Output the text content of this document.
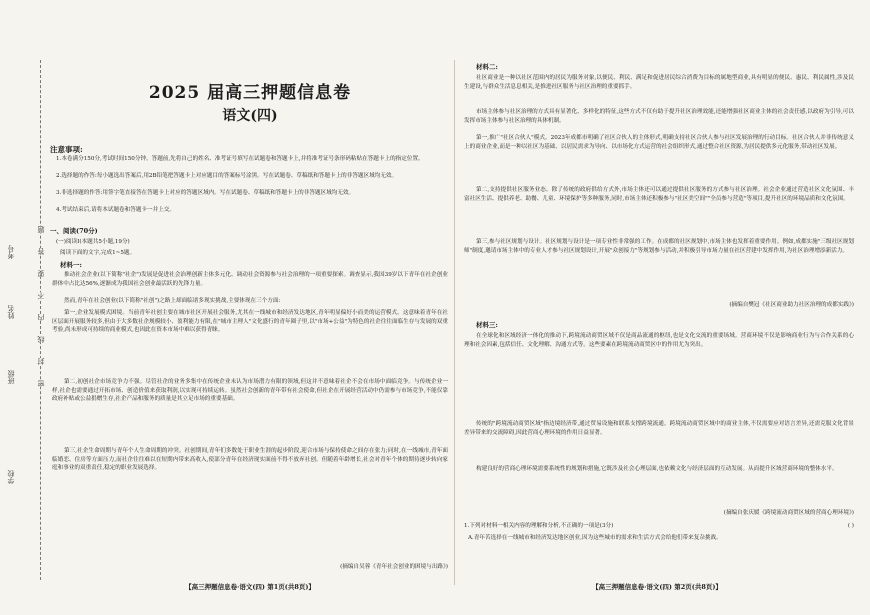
考号
姓名
班级
学校
密
封
线
内
不
要
答
题
2025 届高三押题信息卷
语文(四)
注意事项:
1.本卷满分150分,考试时间150分钟。答题前,先将自己的姓名、准考证号填写在试题卷和答题卡上,并将准考证号条形码粘贴在答题卡上的指定位置。
2.选择题的作答:每小题选出答案后,用2B铅笔把答题卡上对应题目的答案标号涂黑。写在试题卷、草稿纸和答题卡上的非答题区域均无效。
3.非选择题的作答:用签字笔直接答在答题卡上对应的答题区域内。写在试题卷、草稿纸和答题卡上的非答题区域均无效。
4.考试结束后,请将本试题卷和答题卡一并上交。
一、阅读(70分)
(一)阅读Ⅰ(本题共5小题,19分)
阅读下面的文字,完成1~5题。
材料一:
推动社会企业(以下简称"社企")发展是促进社会治理创新主体多元化、调动社会资源参与社会治理的一项重要探索。调查显示,我国39岁以下青年在社企创业群体中占比达56%,逐渐成为我国社会创业最活跃的先锋力量。
然而,青年在社会创业(以下简称"社创")之路上却面临诸多现实挑战,主要体现在三个方面:
第一,企业发展模式困境。当前青年社创主要在城市社区开展社会服务,尤其在一线城市和经济发达地区,青年明显偏好小而美的运营模式。这意味着青年在社区层面开展服务较多,但由于大多数社企规模较小、盈利能力有限,在"城市主理人"文化盛行的青年圈子里,以"市场+公益"为特色的社企往往面临生存与发展的双重考验,尚未形成可持续的商业模式,也因此在资本市场中难以获得青睐。
第二,初创社企市场竞争力不强。尽管社企的业务多集中在传统企业未认为市场潜力有限的领域,但这并不意味着社企不会在市场中面临竞争。与传统企业一样,社企也需要通过开拓市场、创造价值来获取利润,以实现可持续运转。虽然社会创新的青年带有社会使命,但社企在开展经营活动中仍需参与市场竞争,不能仅靠政府补贴或公益捐赠生存,社企产品和服务的质量是其立足市场的重要基础。
第三,社企生命周期与青年个人生命周期的冲突。社创期间,青年们多数处于职业生涯的起步阶段,迎合市场与保持使命之间存在张力;同时,在一线城市,青年面临婚恋、住房等方面压力,而社企往往难以在短期内带来高收入,使部分青年在经济现实面前不得不放弃社创。但随着年龄增长,社会对青年个体的期待逐步转向家庭和事业的双重责任,稳定的职业发展选择。
(摘编自吴蓉《青年社会创业的困境与出路》)
【高三押题信息卷·语文(四) 第1页(共8页)】
材料二:
社区商业是一种以社区范围内的居民为服务对象,以便民、利民、满足和促进居民综合消费为目标的属地型商业,具有明显的便民、惠民、利民属性,涉及民生建设,与群众生活息息相关,是推进社区服务与社区治理的重要抓手。
市场主体参与社区治理的方式具有显著化、多样化的特征,这些方式不仅有助于提升社区治理效能,还能增强社区商业主体的社会责任感,以政府为引导,可以发挥市场主体参与社区治理的具体机制。
第一,推广"社区合伙人"模式。2023年成都市明确了社区合伙人的主体形式,明确支持社区合伙人参与社区发展治理的行动目标。社区合伙人并非传统意义上的商业企业,而是一种以社区为基础、以居民需求为导向、以市场化方式运营的社会组织形式,通过整合社区资源,为居民提供多元化服务,带动社区发展。
第二,支持提供社区服务业态。除了传统的政府供给方式外,市场主体还可以通过提供社区服务的方式参与社区治理。社会企业通过营造社区文化氛围、丰富社区生活、提供养老、助餐、儿童、环境保护等多种服务,同时,市场主体还积极参与"社区美空间""全员参与营造"等项目,提升社区的环境品质和文化氛围。
第三,参与社区规划与设计。社区规划与设计是一项专业性非常强的工作。在成都的社区规划中,市场主体也发挥着重要作用。例如,成都实施"三级社区规划师"制度,邀请市场主体中的专业人才参与社区规划设计,开展"众创接力"等规划参与活动,并积极引导市场力量在社区营建中发挥作用,为社区治理增添新活力。
(摘编自樊冠《社区商业助力社区治理的成都实践》)
材料三:
在全球化和区域经济一体化的推动下,跨境流动商贸区域不仅是商品流通的枢纽,也是文化交流的重要场域。营商环境不仅是影响商业行为与合作关系的心理和社会因素,包括信任、文化理解、沟通方式等。这些要素在跨境流动商贸区中的作用尤为突出。
传统的"跨境流动商贸区域"指边境经济带,通过贸易设施和联系支撑跨境流通。跨境流动商贸区域中的商业主体,不仅需要应对语言差异,还需克服文化背景差异带来的交流障碍,因此营商心理环境的作用日益显著。
构建良好的营商心理环境需要系统性的规划和措施,它既涉及社会心理层面,也依赖文化与经济层面的互动发展。从而提升区域营商环境的整体水平。
(摘编自张庆媛《跨境流动商贸区域的营商心理环境》)
1.下列对材料一相关内容的理解和分析,不正确的一项是(3分)	( )
A.青年苦选择在一线城市和经济发达地区创业,因为这些城市的需求和生活方式会给他们带来复杂挑战。
【高三押题信息卷·语文(四) 第2页(共8页)】
